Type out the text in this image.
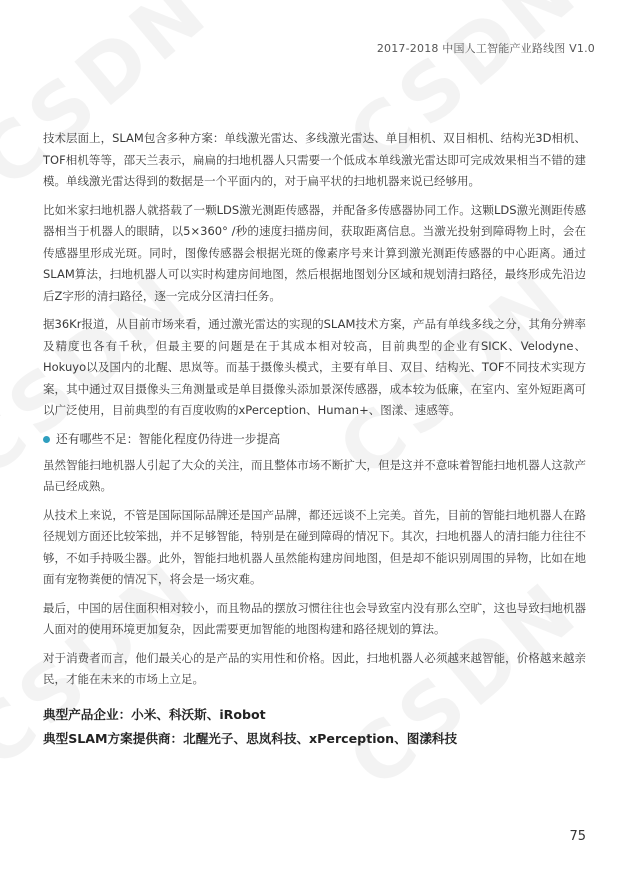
2017-2018 中国人工智能产业路线图 V1.0

技术层面上，SLAM包含多种方案：单线激光雷达、多线激光雷达、单目相机、双目相机、结构光3D相机、TOF相机等等，邵天兰表示，扁扁的扫地机器人只需要一个低成本单线激光雷达即可完成效果相当不错的建模。单线激光雷达得到的数据是一个平面内的，对于扁平状的扫地机器来说已经够用。

比如米家扫地机器人就搭载了一颗LDS激光测距传感器，并配备多传感器协同工作。这颗LDS激光测距传感器相当于机器人的眼睛，以5×360° /秒的速度扫描房间，获取距离信息。当激光投射到障碍物上时，会在传感器里形成光斑。同时，图像传感器会根据光斑的像素序号来计算到激光测距传感器的中心距离。通过SLAM算法，扫地机器人可以实时构建房间地图，然后根据地图划分区域和规划清扫路径，最终形成先沿边后Z字形的清扫路径，逐一完成分区清扫任务。

据36Kr报道，从目前市场来看，通过激光雷达的实现的SLAM技术方案，产品有单线多线之分，其角分辨率及精度也各有千秋，但最主要的问题是在于其成本相对较高，目前典型的企业有SICK、Velodyne、Hokuyo以及国内的北醒、思岚等。而基于摄像头模式，主要有单目、双目、结构光、TOF不同技术实现方案，其中通过双目摄像头三角测量或是单目摄像头添加景深传感器，成本较为低廉，在室内、室外短距离可以广泛使用，目前典型的有百度收购的xPerception、Human+、图漾、速感等。

还有哪些不足：智能化程度仍待进一步提高

虽然智能扫地机器人引起了大众的关注，而且整体市场不断扩大，但是这并不意味着智能扫地机器人这款产品已经成熟。

从技术上来说，不管是国际国际品牌还是国产品牌，都还远谈不上完美。首先，目前的智能扫地机器人在路径规划方面还比较笨拙，并不足够智能，特别是在碰到障碍的情况下。其次，扫地机器人的清扫能力往往不够，不如手持吸尘器。此外，智能扫地机器人虽然能构建房间地图，但是却不能识别周围的异物，比如在地面有宠物粪便的情况下，将会是一场灾难。

最后，中国的居住面积相对较小，而且物品的摆放习惯往往也会导致室内没有那么空旷，这也导致扫地机器人面对的使用环境更加复杂，因此需要更加智能的地图构建和路径规划的算法。

对于消费者而言，他们最关心的是产品的实用性和价格。因此，扫地机器人必须越来越智能，价格越来越亲民，才能在未来的市场上立足。

典型产品企业：小米、科沃斯、iRobot

典型SLAM方案提供商：北醒光子、思岚科技、xPerception、图漾科技

75
